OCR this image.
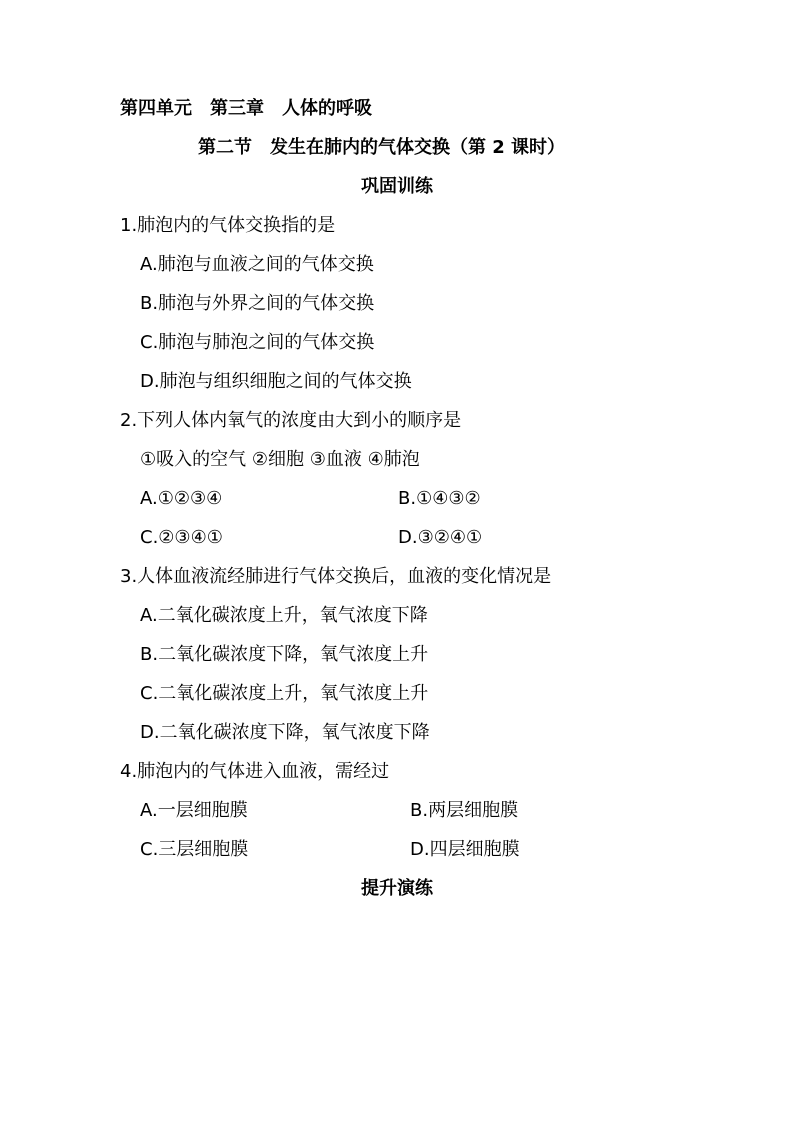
第四单元　第三章　人体的呼吸
第二节　发生在肺内的气体交换（第 2 课时）
巩固训练
1.肺泡内的气体交换指的是
A.肺泡与血液之间的气体交换
B.肺泡与外界之间的气体交换
C.肺泡与肺泡之间的气体交换
D.肺泡与组织细胞之间的气体交换
2.下列人体内氧气的浓度由大到小的顺序是
①吸入的空气 ②细胞 ③血液 ④肺泡
A.①②③④	B.①④③②
C.②③④①	D.③②④①
3.人体血液流经肺进行气体交换后，血液的变化情况是
A.二氧化碳浓度上升，氧气浓度下降
B.二氧化碳浓度下降，氧气浓度上升
C.二氧化碳浓度上升，氧气浓度上升
D.二氧化碳浓度下降，氧气浓度下降
4.肺泡内的气体进入血液，需经过
A.一层细胞膜	B.两层细胞膜
C.三层细胞膜	D.四层细胞膜
提升演练
